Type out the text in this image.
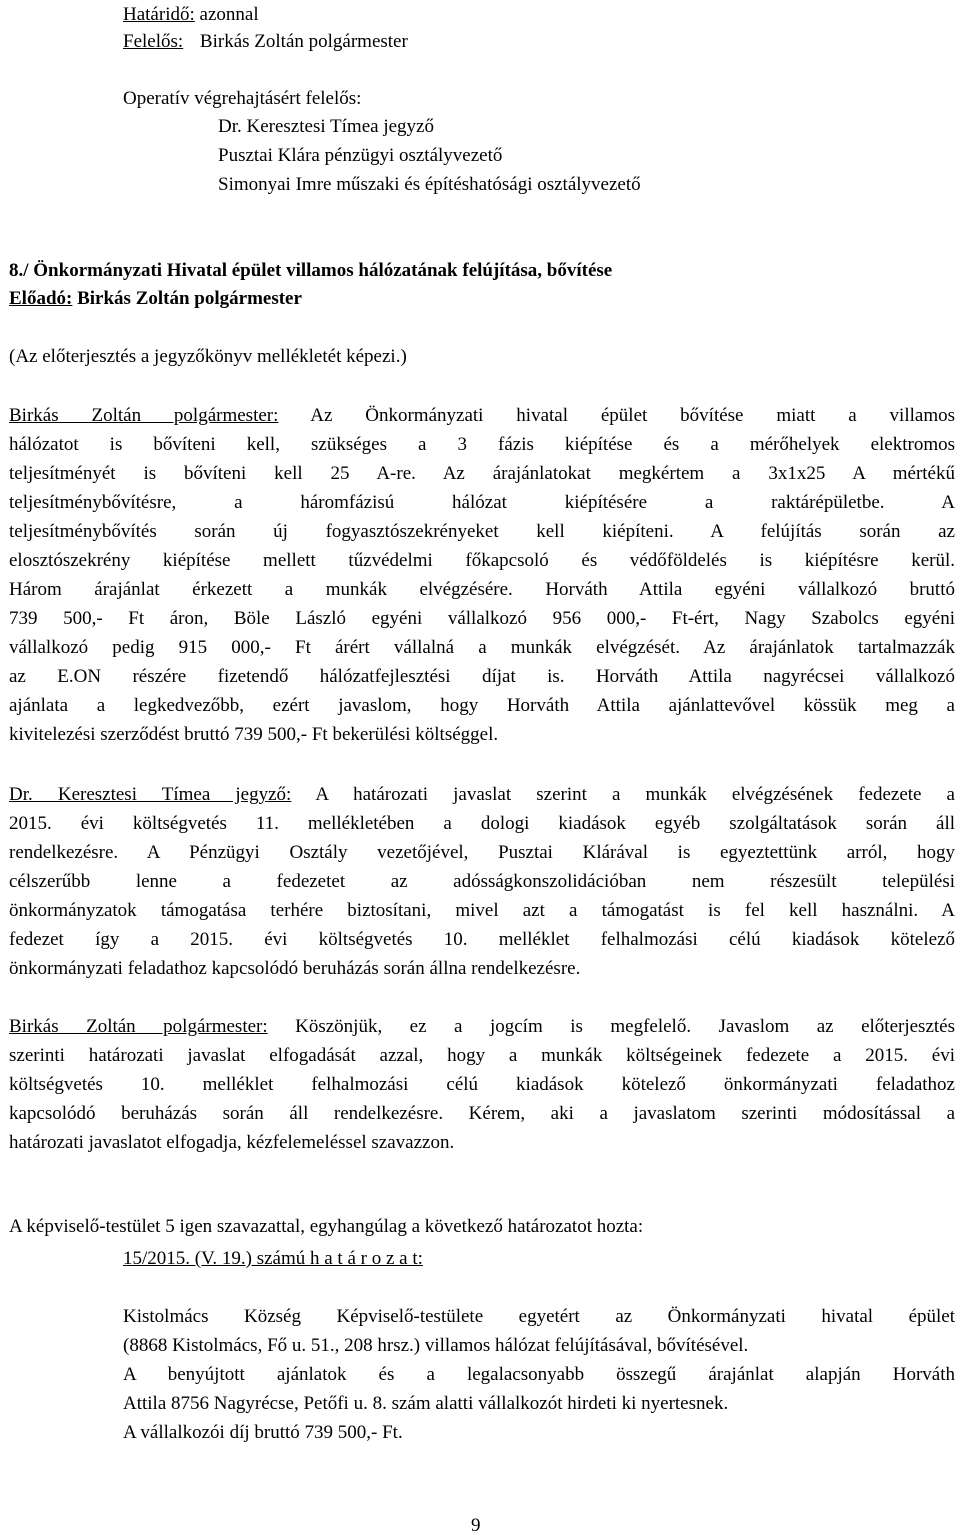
Határidő: azonnal
Felelős: Birkás Zoltán polgármester
Operatív végrehajtásért felelős:
Dr. Keresztesi Tímea jegyző
Pusztai Klára pénzügyi osztályvezető
Simonyai Imre műszaki és építéshatósági osztályvezető
8./ Önkormányzati Hivatal épület villamos hálózatának felújítása, bővítése
Előadó: Birkás Zoltán polgármester
(Az előterjesztés a jegyzőkönyv mellékletét képezi.)

Birkás Zoltán polgármester: Az Önkormányzati hivatal épület bővítése miatt a villamos

hálózatot is bővíteni kell, szükséges a 3 fázis kiépítése és a mérőhelyek elektromos

teljesítményét is bővíteni kell 25 A-re. Az árajánlatokat megkértem a 3x1x25 A mértékű

teljesítménybővítésre, a háromfázisú hálózat kiépítésére a raktárépületbe. A

teljesítménybővítés során új fogyasztószekrényeket kell kiépíteni. A felújítás során az

elosztószekrény kiépítése mellett tűzvédelmi főkapcsoló és védőföldelés is kiépítésre kerül.

Három árajánlat érkezett a munkák elvégzésére. Horváth Attila egyéni vállalkozó bruttó

739 500,- Ft áron, Böle László egyéni vállalkozó 956 000,- Ft-ért, Nagy Szabolcs egyéni

vállalkozó pedig 915 000,- Ft árért vállalná a munkák elvégzését. Az árajánlatok tartalmazzák

az E.ON részére fizetendő hálózatfejlesztési díjat is. Horváth Attila nagyrécsei vállalkozó

ajánlata a legkedvezőbb, ezért javaslom, hogy Horváth Attila ajánlattevővel kössük meg a

kivitelezési szerződést bruttó 739 500,- Ft bekerülési költséggel.

Dr. Keresztesi Tímea jegyző: A határozati javaslat szerint a munkák elvégzésének fedezete a

2015. évi költségvetés 11. mellékletében a dologi kiadások egyéb szolgáltatások során áll

rendelkezésre. A Pénzügyi Osztály vezetőjével, Pusztai Klárával is egyeztettünk arról, hogy

célszerűbb lenne a fedezetet az adósságkonszolidációban nem részesült települési

önkormányzatok támogatása terhére biztosítani, mivel azt a támogatást is fel kell használni. A

fedezet így a 2015. évi költségvetés 10. melléklet felhalmozási célú kiadások kötelező

önkormányzati feladathoz kapcsolódó beruházás során állna rendelkezésre.

Birkás Zoltán polgármester: Köszönjük, ez a jogcím is megfelelő. Javaslom az előterjesztés

szerinti határozati javaslat elfogadását azzal, hogy a munkák költségeinek fedezete a 2015. évi

költségvetés 10. melléklet felhalmozási célú kiadások kötelező önkormányzati feladathoz

kapcsolódó beruházás során áll rendelkezésre. Kérem, aki a javaslatom szerinti módosítással a

határozati javaslatot elfogadja, kézfelemeléssel szavazzon.

A képviselő-testület 5 igen szavazattal, egyhangúlag a következő határozatot hozta:
15/2015. (V. 19.) számú h a t á r o z a t:

Kistolmács Község Képviselő-testülete egyetért az Önkormányzati hivatal épület

(8868 Kistolmács, Fő u. 51., 208 hrsz.) villamos hálózat felújításával, bővítésével.

A benyújtott ajánlatok és a legalacsonyabb összegű árajánlat alapján Horváth

Attila 8756 Nagyrécse, Petőfi u. 8. szám alatti vállalkozót hirdeti ki nyertesnek.

A vállalkozói díj bruttó 739 500,- Ft.

9
